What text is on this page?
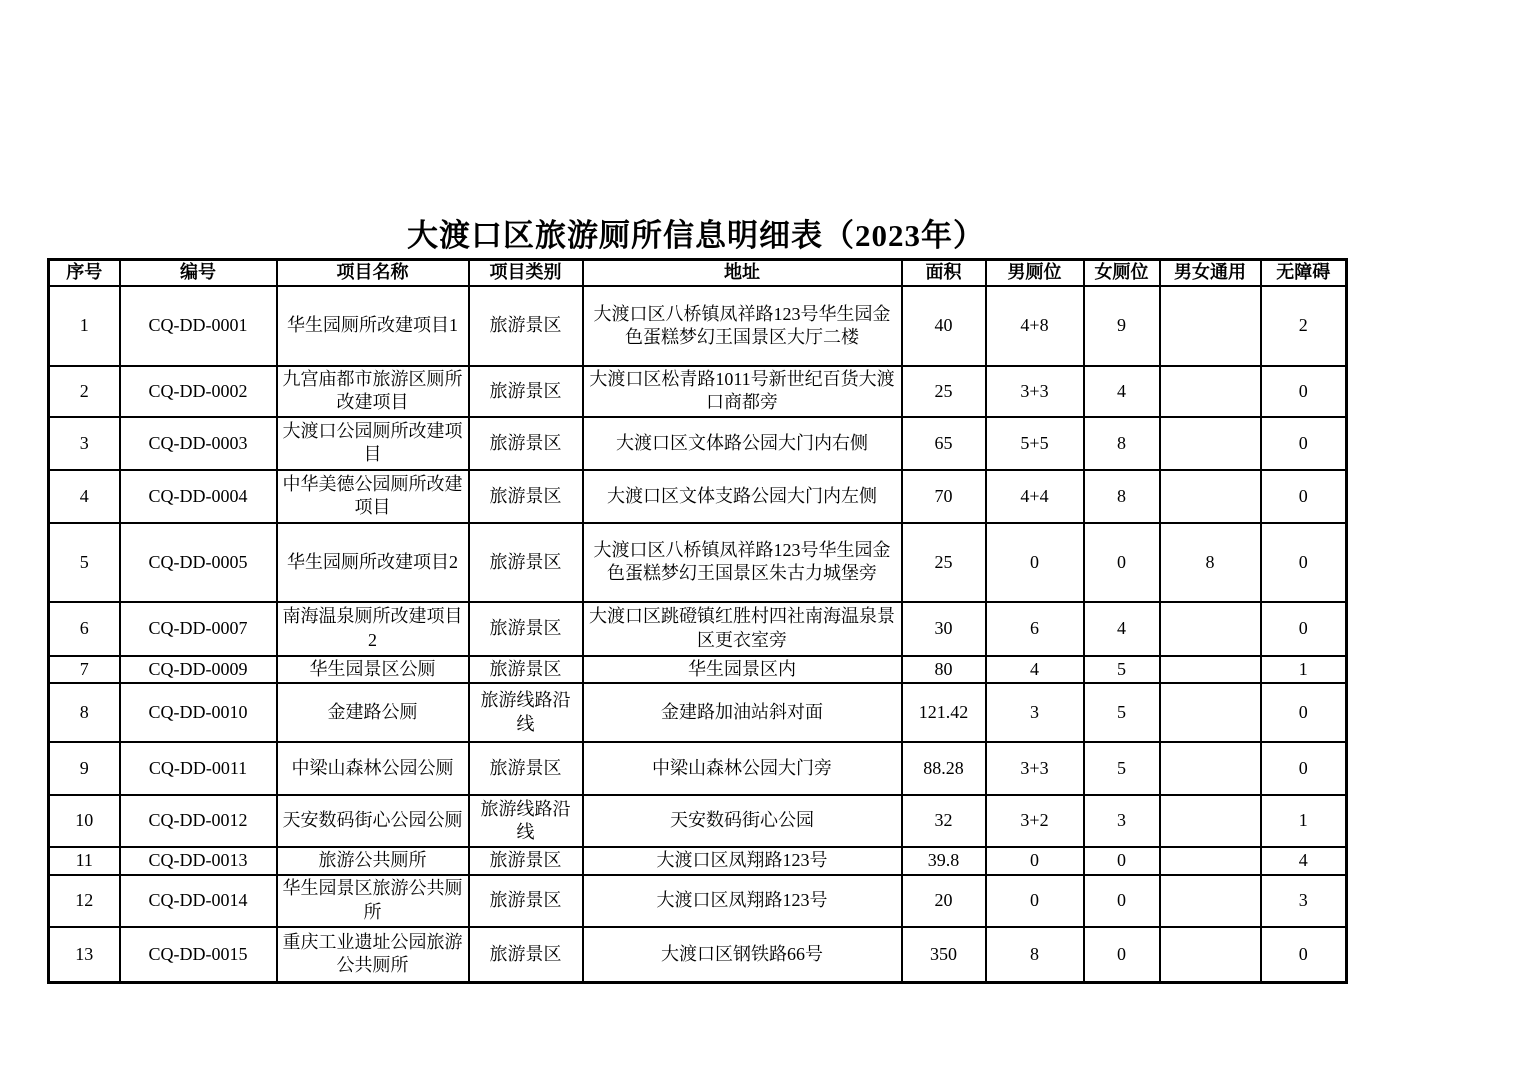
大渡口区旅游厕所信息明细表（2023年）
序号	编号	项目名称	项目类别	地址	面积	男厕位	女厕位	男女通用	无障碍
1	CQ-DD-0001	华生园厕所改建项目1	旅游景区	大渡口区八桥镇凤祥路123号华生园金色蛋糕梦幻王国景区大厅二楼	40	4+8	9		2
2	CQ-DD-0002	九宫庙都市旅游区厕所改建项目	旅游景区	大渡口区松青路1011号新世纪百货大渡口商都旁	25	3+3	4		0
3	CQ-DD-0003	大渡口公园厕所改建项目	旅游景区	大渡口区文体路公园大门内右侧	65	5+5	8		0
4	CQ-DD-0004	中华美德公园厕所改建项目	旅游景区	大渡口区文体支路公园大门内左侧	70	4+4	8		0
5	CQ-DD-0005	华生园厕所改建项目2	旅游景区	大渡口区八桥镇凤祥路123号华生园金色蛋糕梦幻王国景区朱古力城堡旁	25	0	0	8	0
6	CQ-DD-0007	南海温泉厕所改建项目2	旅游景区	大渡口区跳磴镇红胜村四社南海温泉景区更衣室旁	30	6	4		0
7	CQ-DD-0009	华生园景区公厕	旅游景区	华生园景区内	80	4	5		1
8	CQ-DD-0010	金建路公厕	旅游线路沿线	金建路加油站斜对面	121.42	3	5		0
9	CQ-DD-0011	中梁山森林公园公厕	旅游景区	中梁山森林公园大门旁	88.28	3+3	5		0
10	CQ-DD-0012	天安数码街心公园公厕	旅游线路沿线	天安数码街心公园	32	3+2	3		1
11	CQ-DD-0013	旅游公共厕所	旅游景区	大渡口区凤翔路123号	39.8	0	0		4
12	CQ-DD-0014	华生园景区旅游公共厕所	旅游景区	大渡口区凤翔路123号	20	0	0		3
13	CQ-DD-0015	重庆工业遗址公园旅游公共厕所	旅游景区	大渡口区钢铁路66号	350	8	0		0
